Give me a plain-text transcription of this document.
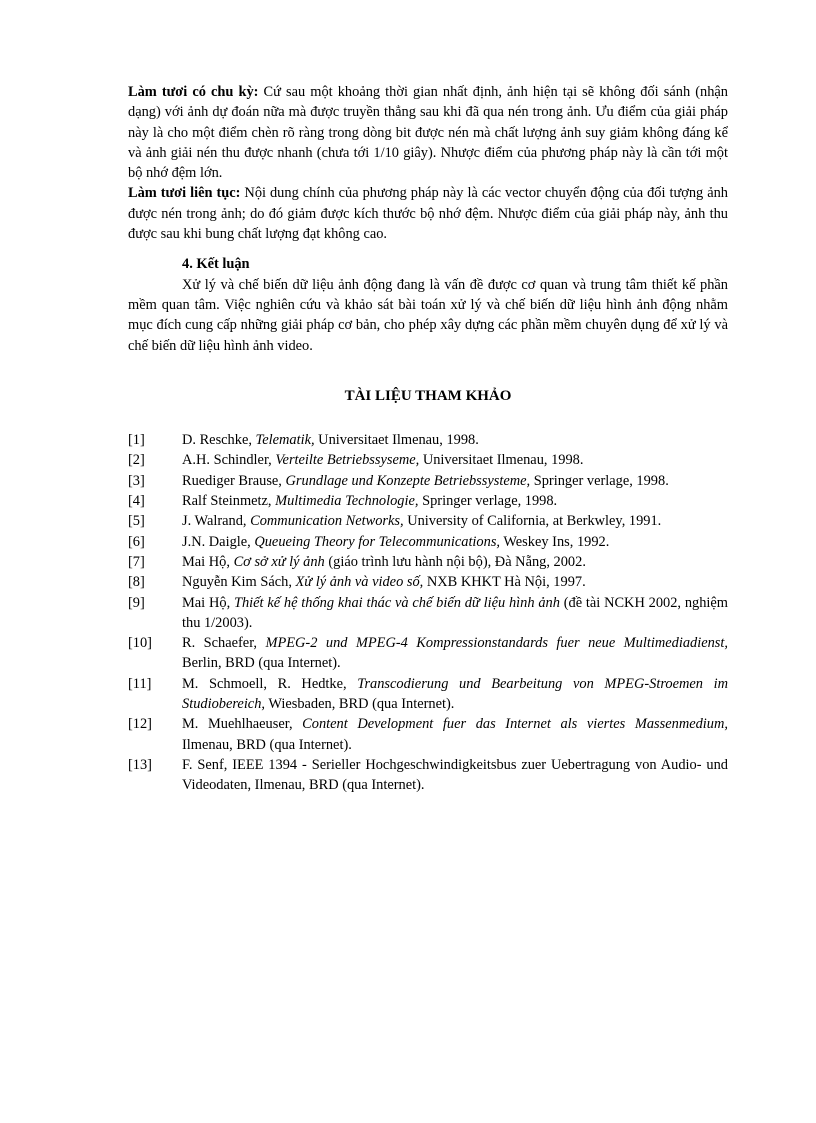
Làm tươi có chu kỳ: Cứ sau một khoảng thời gian nhất định, ảnh hiện tại sẽ không đối sánh (nhận dạng) với ảnh dự đoán nữa mà được truyền thẳng sau khi đã qua nén trong ảnh. Ưu điểm của giải pháp này là cho một điểm chèn rõ ràng trong dòng bit được nén mà chất lượng ảnh suy giảm không đáng kể và ảnh giải nén thu được nhanh (chưa tới 1/10 giây). Nhược điểm của phương pháp này là cần tới một bộ nhớ đệm lớn.

Làm tươi liên tục: Nội dung chính của phương pháp này là các vector chuyển động của đối tượng ảnh được nén trong ảnh; do đó giảm được kích thước bộ nhớ đệm. Nhược điểm của giải pháp này, ảnh thu được sau khi bung chất lượng đạt không cao.

4. Kết luận

Xử lý và chế biến dữ liệu ảnh động đang là vấn đề được cơ quan và trung tâm thiết kế phần mềm quan tâm. Việc nghiên cứu và khảo sát bài toán xử lý và chế biến dữ liệu hình ảnh động nhằm mục đích cung cấp những giải pháp cơ bản, cho phép xây dựng các phần mềm chuyên dụng để xử lý và chế biến dữ liệu hình ảnh video.

TÀI LIỆU THAM KHẢO

[1]	D. Reschke, Telematik, Universitaet Ilmenau, 1998.
[2]	A.H. Schindler, Verteilte Betriebssyseme, Universitaet Ilmenau, 1998.
[3]	Ruediger Brause, Grundlage und Konzepte Betriebssysteme, Springer verlage, 1998.
[4]	Ralf Steinmetz, Multimedia Technologie, Springer verlage, 1998.
[5]	J. Walrand, Communication Networks, University of California, at Berkwley, 1991.
[6]	J.N. Daigle, Queueing Theory for Telecommunications, Weskey Ins, 1992.
[7]	Mai Hộ, Cơ sở xử lý ảnh (giáo trình lưu hành nội bộ), Đà Nẵng, 2002.
[8]	Nguyễn Kim Sách, Xử lý ảnh và video số, NXB KHKT Hà Nội, 1997.
[9]	Mai Hộ, Thiết kế hệ thống khai thác và chế biến dữ liệu hình ảnh (đề tài NCKH 2002, nghiệm thu 1/2003).
[10]	R. Schaefer, MPEG-2 und MPEG-4 Kompressionstandards fuer neue Multimediadienst, Berlin, BRD (qua Internet).
[11]	M. Schmoell, R. Hedtke, Transcodierung und Bearbeitung von MPEG-Stroemen im Studiobereich, Wiesbaden, BRD (qua Internet).
[12]	M. Muehlhaeuser, Content Development fuer das Internet als viertes Massenmedium, Ilmenau, BRD (qua Internet).
[13]	F. Senf, IEEE 1394 - Serieller Hochgeschwindigkeitsbus zuer Uebertragung von Audio- und Videodaten, Ilmenau, BRD (qua Internet).
